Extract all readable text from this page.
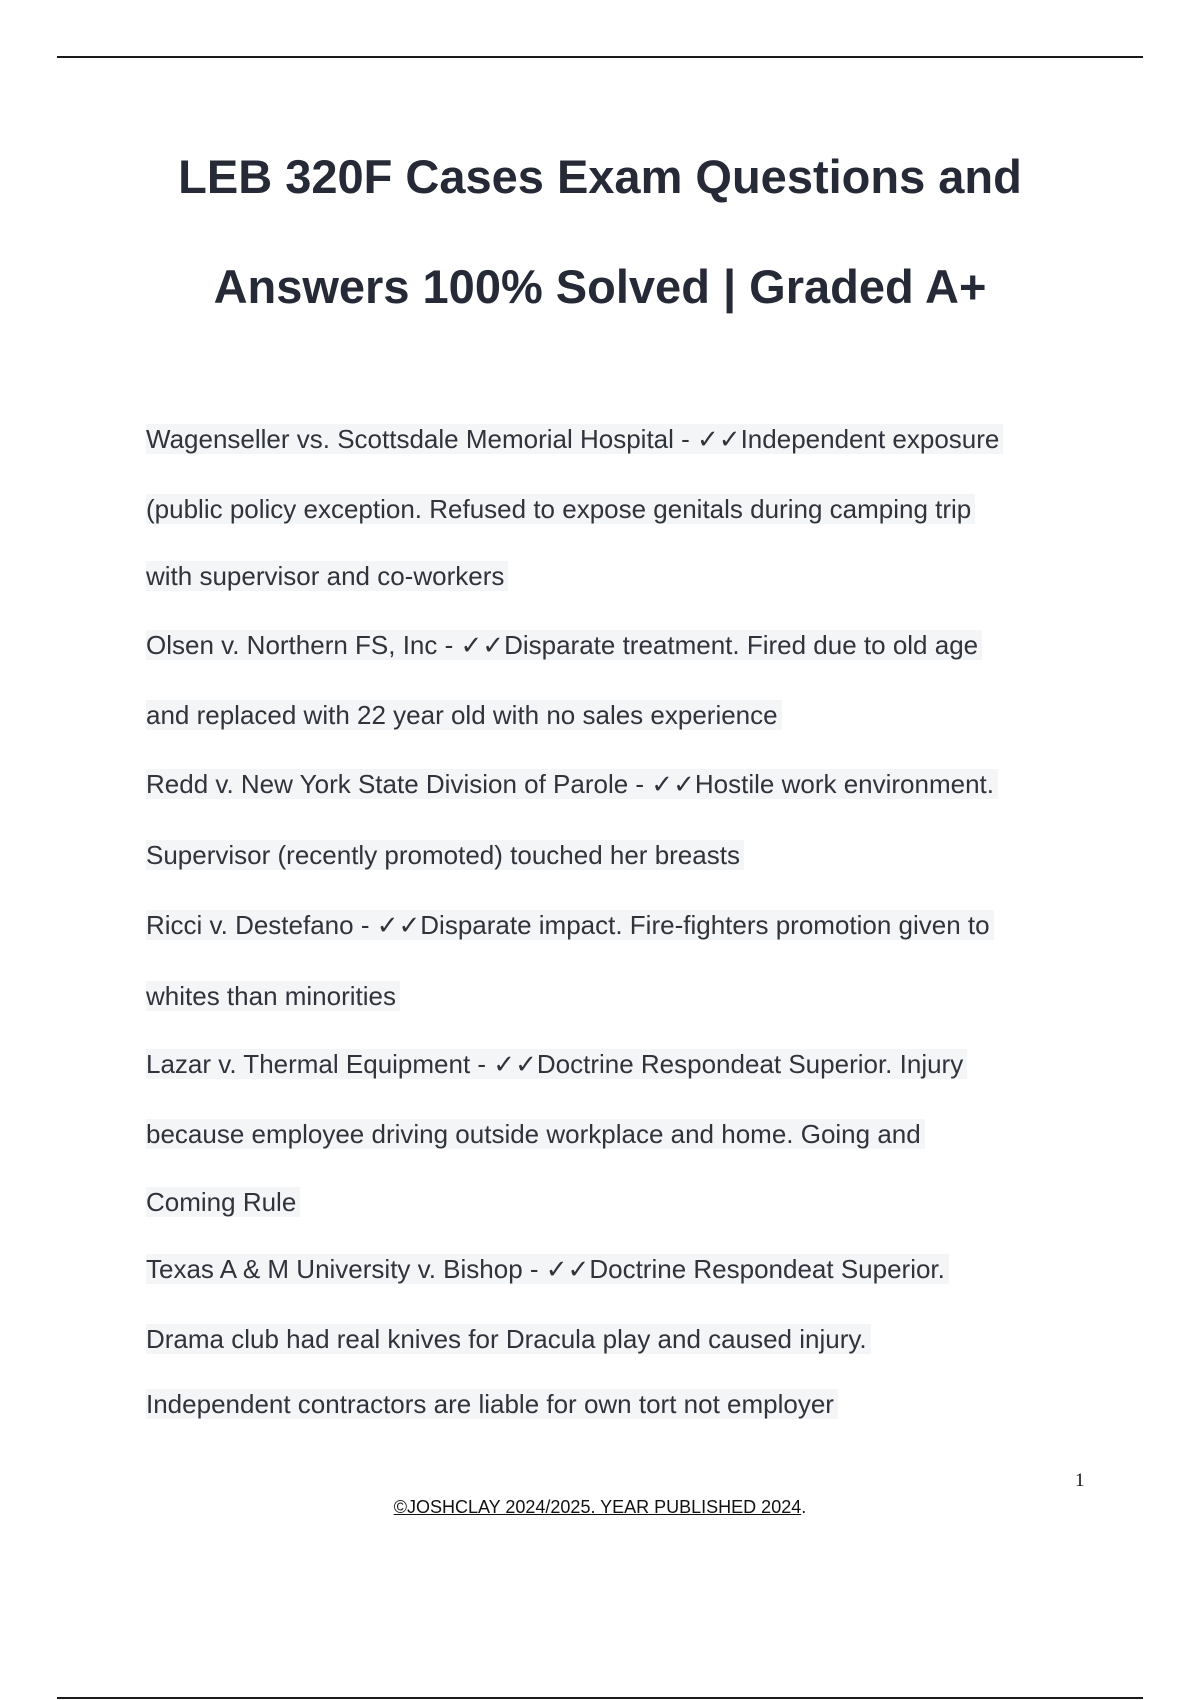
LEB 320F Cases Exam Questions and
Answers 100% Solved | Graded A+
Wagenseller vs. Scottsdale Memorial Hospital - ✓✓Independent exposure
(public policy exception. Refused to expose genitals during camping trip
with supervisor and co-workers
Olsen v. Northern FS, Inc - ✓✓Disparate treatment. Fired due to old age
and replaced with 22 year old with no sales experience
Redd v. New York State Division of Parole - ✓✓Hostile work environment.
Supervisor (recently promoted) touched her breasts
Ricci v. Destefano - ✓✓Disparate impact. Fire-fighters promotion given to
whites than minorities
Lazar v. Thermal Equipment - ✓✓Doctrine Respondeat Superior. Injury
because employee driving outside workplace and home. Going and
Coming Rule
Texas A & M University v. Bishop - ✓✓Doctrine Respondeat Superior.
Drama club had real knives for Dracula play and caused injury.
Independent contractors are liable for own tort not employer
1
©JOSHCLAY 2024/2025. YEAR PUBLISHED 2024.
